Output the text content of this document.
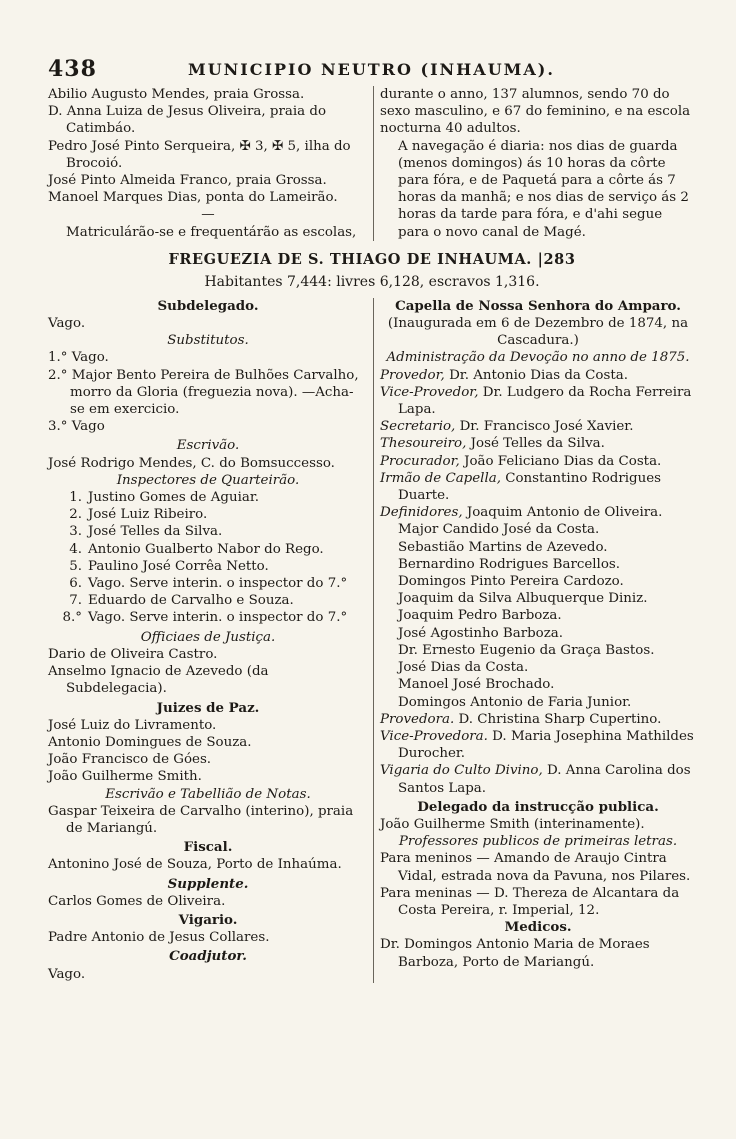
438	MUNICIPIO NEUTRO (INHAUMA).
Abilio Augusto Mendes, praia Grossa.
D. Anna Luiza de Jesus Oliveira, praia do Catimbáo.
Pedro José Pinto Serqueira, ✠ 3, ✠ 5, ilha do Brocoió.
José Pinto Almeida Franco, praia Grossa.
Manoel Marques Dias, ponta do Lameirão.
—
Matriculárão-se e frequentárão as escolas,
durante o anno, 137 alumnos, sendo 70 do sexo masculino, e 67 do feminino, e na escola nocturna 40 adultos.
A navegação é diaria: nos dias de guarda (menos domingos) ás 10 horas da côrte para fóra, e de Paquetá para a côrte ás 7 horas da manhã; e nos dias de serviço ás 2 horas da tarde para fóra, e d'ahi segue para o novo canal de Magé.
FREGUEZIA DE S. THIAGO DE INHAUMA. |283
Habitantes 7,444: livres 6,128, escravos 1,316.
Subdelegado.
Vago.
Substitutos.
1.° Vago.
2.° Major Bento Pereira de Bulhões Carvalho, morro da Gloria (freguezia nova). —Acha-se em exercicio.
3.° Vago
Escrivão.
José Rodrigo Mendes, C. do Bomsuccesso.
Inspectores de Quarteirão.
1. Justino Gomes de Aguiar.
2. José Luiz Ribeiro.
3. José Telles da Silva.
4. Antonio Gualberto Nabor do Rego.
5. Paulino José Corrêa Netto.
6. Vago. Serve interin. o inspector do 7.°
7. Eduardo de Carvalho e Souza.
8.° Vago. Serve interin. o inspector do 7.°
Officiaes de Justiça.
Dario de Oliveira Castro.
Anselmo Ignacio de Azevedo (da Subdelegacia).
Juizes de Paz.
José Luiz do Livramento.
Antonio Domingues de Souza.
João Francisco de Góes.
João Guilherme Smith.
Escrivão e Tabellião de Notas.
Gaspar Teixeira de Carvalho (interino), praia de Mariangú.
Fiscal.
Antonino José de Souza, Porto de Inhaúma.
Supplente.
Carlos Gomes de Oliveira.
Vigario.
Padre Antonio de Jesus Collares.
Coadjutor.
Vago.
Capella de Nossa Senhora do Amparo.
(Inaugurada em 6 de Dezembro de 1874, na Cascadura.)
Administração da Devoção no anno de 1875.
Provedor, Dr. Antonio Dias da Costa.
Vice-Provedor, Dr. Ludgero da Rocha Ferreira Lapa.
Secretario, Dr. Francisco José Xavier.
Thesoureiro, José Telles da Silva.
Procurador, João Feliciano Dias da Costa.
Irmão de Capella, Constantino Rodrigues Duarte.
Definidores, Joaquim Antonio de Oliveira.
Major Candido José da Costa.
Sebastião Martins de Azevedo.
Bernardino Rodrigues Barcellos.
Domingos Pinto Pereira Cardozo.
Joaquim da Silva Albuquerque Diniz.
Joaquim Pedro Barboza.
José Agostinho Barboza.
Dr. Ernesto Eugenio da Graça Bastos.
José Dias da Costa.
Manoel José Brochado.
Domingos Antonio de Faria Junior.
Provedora. D. Christina Sharp Cupertino.
Vice-Provedora. D. Maria Josephina Mathildes Durocher.
Vigaria do Culto Divino, D. Anna Carolina dos Santos Lapa.
Delegado da instrucção publica.
João Guilherme Smith (interinamente).
Professores publicos de primeiras letras.
Para meninos — Amando de Araujo Cintra Vidal, estrada nova da Pavuna, nos Pilares.
Para meninas — D. Thereza de Alcantara da Costa Pereira, r. Imperial, 12.
Medicos.
Dr. Domingos Antonio Maria de Moraes Barboza, Porto de Mariangú.
